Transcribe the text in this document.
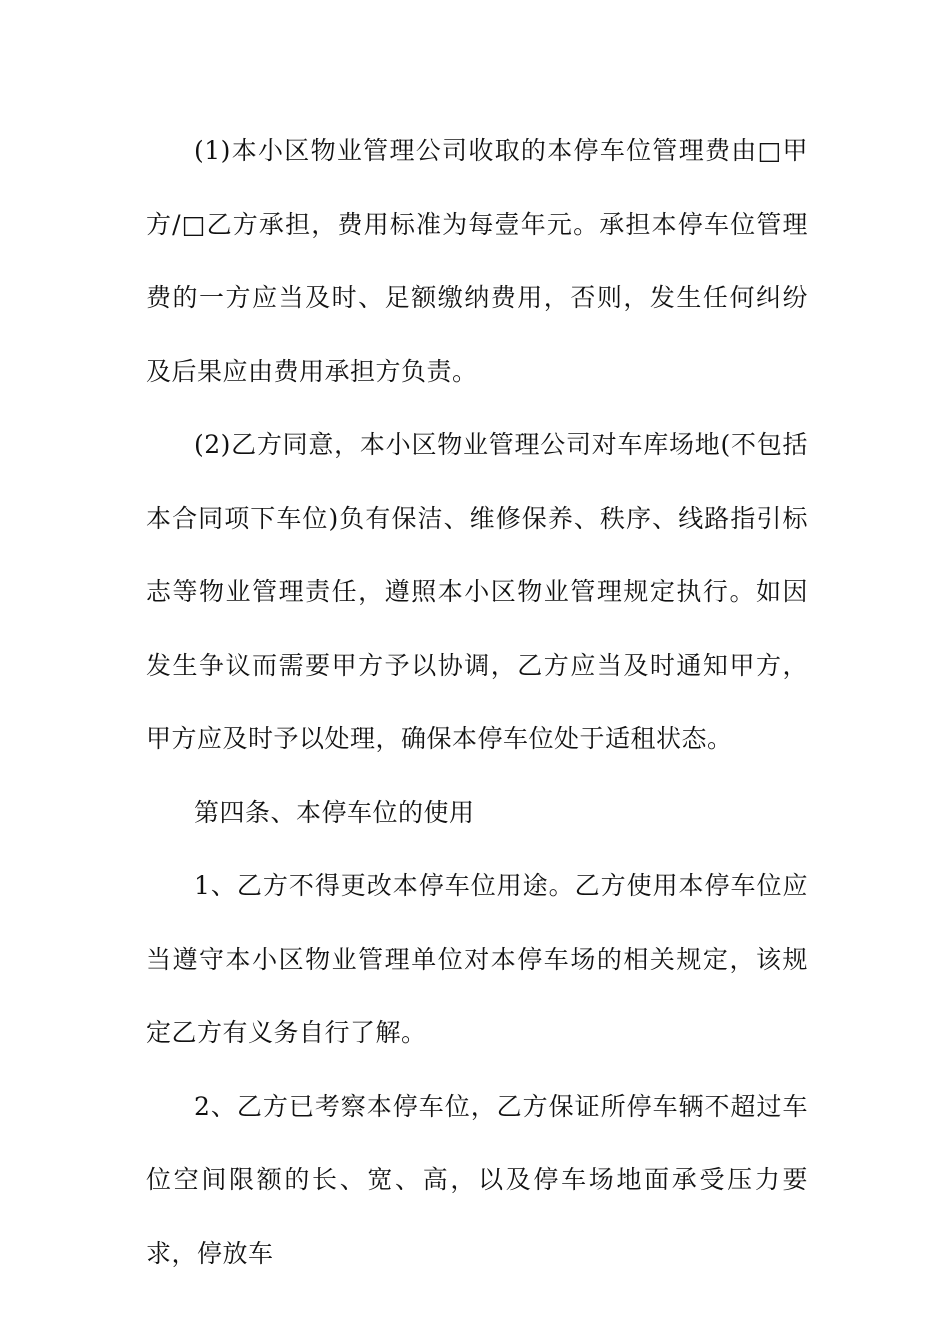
(1)本小区物业管理公司收取的本停车位管理费由□甲方/□乙方承担，费用标准为每壹年元。承担本停车位管理费的一方应当及时、足额缴纳费用，否则，发生任何纠纷及后果应由费用承担方负责。

(2)乙方同意，本小区物业管理公司对车库场地(不包括本合同项下车位)负有保洁、维修保养、秩序、线路指引标志等物业管理责任，遵照本小区物业管理规定执行。如因发生争议而需要甲方予以协调，乙方应当及时通知甲方，甲方应及时予以处理，确保本停车位处于适租状态。

第四条、本停车位的使用

1、乙方不得更改本停车位用途。乙方使用本停车位应当遵守本小区物业管理单位对本停车场的相关规定，该规定乙方有义务自行了解。

2、乙方已考察本停车位，乙方保证所停车辆不超过车位空间限额的长、宽、高，以及停车场地面承受压力要求，停放车
